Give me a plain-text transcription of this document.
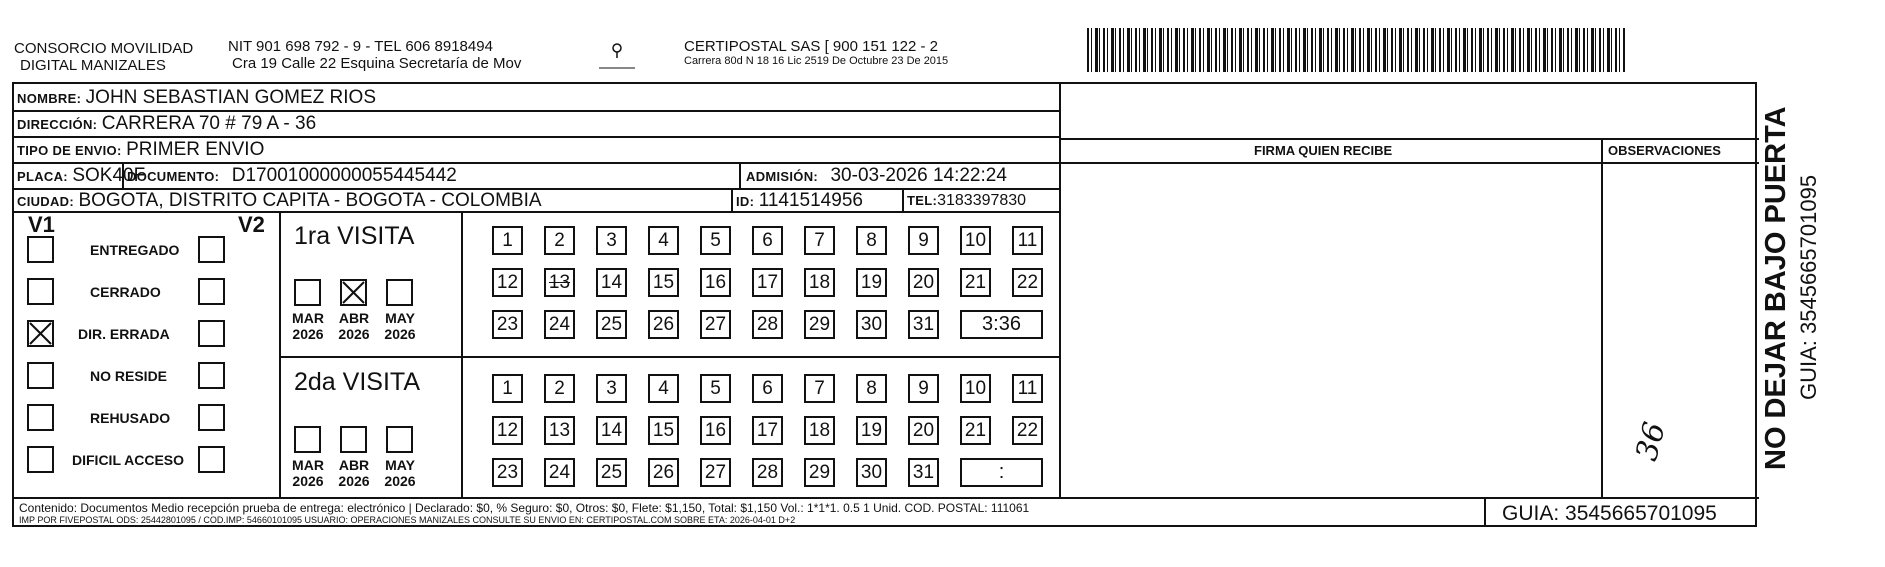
CONSORCIO MOVILIDAD
DIGITAL MANIZALES
NIT 901 698 792 - 9 - TEL 606 8918494
Cra 19 Calle 22 Esquina Secretaría de Mov
CERTIPOSTAL SAS [ 900 151 122 - 2
Carrera 80d N 18 16 Lic 2519 De Octubre 23 De 2015
NOMBRE: JOHN SEBASTIAN GOMEZ RIOS
DIRECCIÓN: CARRERA 70 # 79 A - 36
TIPO DE ENVIO: PRIMER ENVIO	FIRMA QUIEN RECIBE	OBSERVACIONES
PLACA: SOK40F
DOCUMENTO: D17001000000055445442	ADMISIÓN: 30-03-2026 14:22:24
CIUDAD: BOGOTA, DISTRITO CAPITA - BOGOTA - COLOMBIA	ID: 1141514956	TEL:3183397830
V1	V2
ENTREGADO
CERRADO
DIR. ERRADA
NO RESIDE
REHUSADO
DIFICIL ACCESO
1ra VISITA
2da VISITA
MAR
2026
ABR
2026
MAY
2026
MAR
2026
ABR
2026
MAY
2026
1	2	3	4	5	6	7	8	9	10 11
12 13 14 15 16 17 18 19 20 21 22
23 24 25 26 27 28 29 30 31	3:36
1	2	3	4	5	6	7	8	9	10 11
12 13 14 15 16 17 18 19 20 21 22
23 24 25 26 27 28 29 30 31	:
36
Contenido: Documentos Medio recepción prueba de entrega: electrónico | Declarado: $0, % Seguro: $0, Otros: $0, Flete: $1,150, Total: $1,150 Vol.: 1*1*1. 0.5 1 Unid. COD. POSTAL: 111061
IMP POR FIVEPOSTAL ODS: 25442801095 / COD.IMP: 54660101095 USUARIO: OPERACIONES MANIZALES CONSULTE SU ENVIO EN: CERTIPOSTAL.COM SOBRE ETA: 2026-04-01 D+2	GUIA: 3545665701095
NO DEJAR BAJO PUERTA GUIA: 3545665701095
